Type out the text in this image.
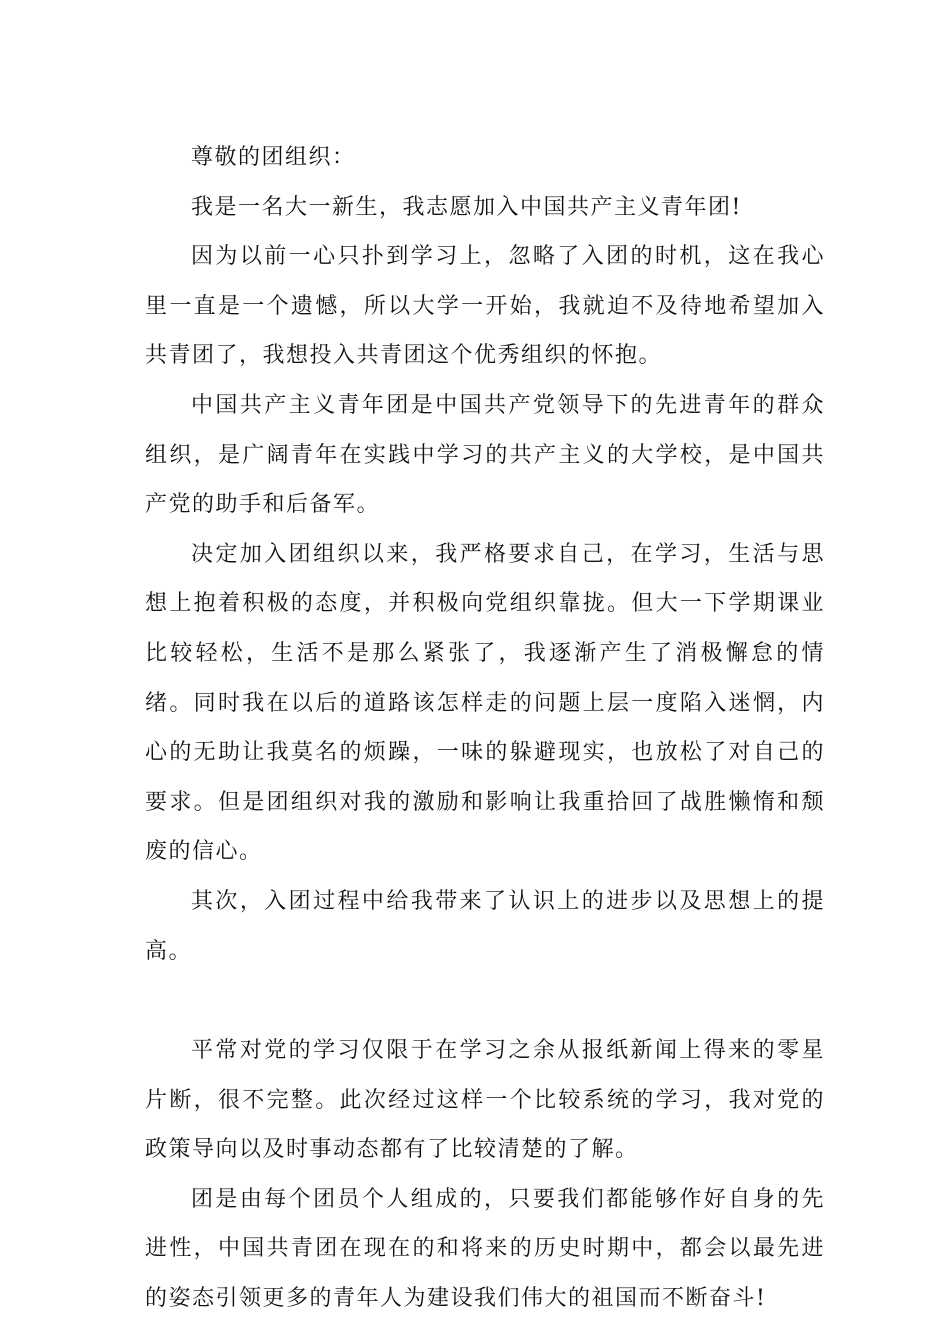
尊敬的团组织：

我是一名大一新生，我志愿加入中国共产主义青年团!

因为以前一心只扑到学习上，忽略了入团的时机，这在我心里一直是一个遗憾，所以大学一开始，我就迫不及待地希望加入共青团了，我想投入共青团这个优秀组织的怀抱。

中国共产主义青年团是中国共产党领导下的先进青年的群众组织，是广阔青年在实践中学习的共产主义的大学校，是中国共产党的助手和后备军。

决定加入团组织以来，我严格要求自己，在学习，生活与思想上抱着积极的态度，并积极向党组织靠拢。但大一下学期课业比较轻松，生活不是那么紧张了，我逐渐产生了消极懈怠的情绪。同时我在以后的道路该怎样走的问题上层一度陷入迷惘，内心的无助让我莫名的烦躁，一味的躲避现实，也放松了对自己的要求。但是团组织对我的激励和影响让我重拾回了战胜懒惰和颓废的信心。

其次，入团过程中给我带来了认识上的进步以及思想上的提高。

平常对党的学习仅限于在学习之余从报纸新闻上得来的零星片断，很不完整。此次经过这样一个比较系统的学习，我对党的政策导向以及时事动态都有了比较清楚的了解。

团是由每个团员个人组成的，只要我们都能够作好自身的先进性，中国共青团在现在的和将来的历史时期中，都会以最先进的姿态引领更多的青年人为建设我们伟大的祖国而不断奋斗!
